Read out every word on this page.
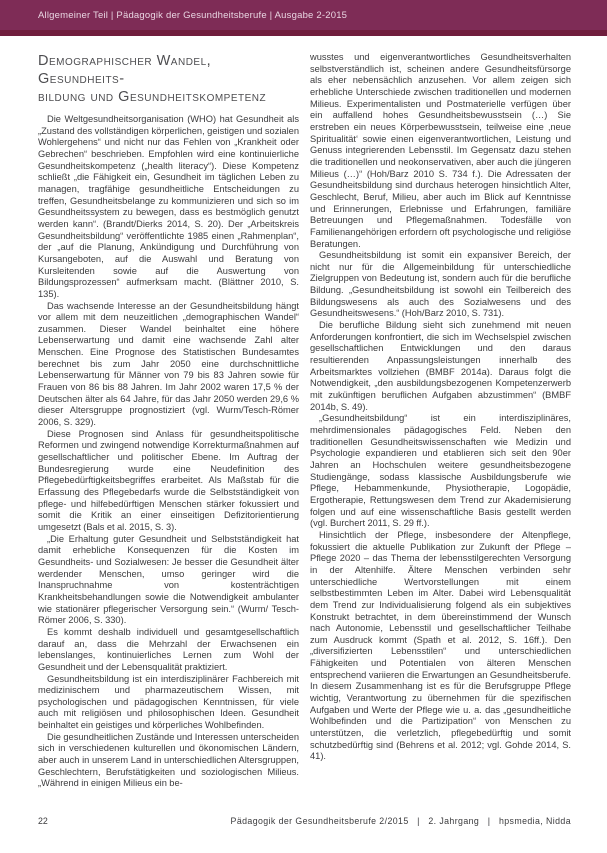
Allgemeiner Teil | Pädagogik der Gesundheitsberufe | Ausgabe 2-2015
Demographischer Wandel, Gesundheits-
bildung und Gesundheitskompetenz

Die Weltgesundheitsorganisation (WHO) hat Gesundheit als „Zustand des vollständigen körperlichen, geistigen und sozialen Wohlergehens“ und nicht nur das Fehlen von „Krankheit oder Gebrechen“ beschrieben. Empfohlen wird eine kontinuierliche Gesundheitskompetenz („health literacy“). Diese Kompetenz schließt „die Fähigkeit ein, Gesundheit im täglichen Leben zu managen, tragfähige gesundheitliche Entscheidungen zu treffen, Gesundheitsbelange zu kommunizieren und sich so im Gesundheitssystem zu bewegen, dass es bestmöglich genutzt werden kann“. (Brandt/Dierks 2014, S. 20). Der „Arbeitskreis Gesundheitsbildung“ veröffentlichte 1985 einen „Rahmenplan“, der „auf die Planung, Ankündigung und Durchführung von Kursangeboten, auf die Auswahl und Beratung von Kursleitenden sowie auf die Auswertung von Bildungsprozessen“ aufmerksam macht. (Blättner 2010, S. 135).

Das wachsende Interesse an der Gesundheitsbildung hängt vor allem mit dem neuzeitlichen „demographischen Wandel“ zusammen. Dieser Wandel beinhaltet eine höhere Lebenserwartung und damit eine wachsende Zahl alter Menschen. Eine Prognose des Statistischen Bundesamtes berechnet bis zum Jahr 2050 eine durchschnittliche Lebenserwartung für Männer von 79 bis 83 Jahren sowie für Frauen von 86 bis 88 Jahren. Im Jahr 2002 waren 17,5 % der Deutschen älter als 64 Jahre, für das Jahr 2050 werden 29,6 % dieser Altersgruppe prognostiziert (vgl. Wurm/Tesch-Römer 2006, S. 329).

Diese Prognosen sind Anlass für gesundheitspolitische Reformen und zwingend notwendige Korrekturmaßnahmen auf gesellschaftlicher und politischer Ebene. Im Auftrag der Bundesregierung wurde eine Neudefinition des Pflegebedürftigkeitsbegriffes erarbeitet. Als Maßstab für die Erfassung des Pflegebedarfs wurde die Selbstständigkeit von pflege- und hilfebedürftigen Menschen stärker fokussiert und somit die Kritik an einer einseitigen Defizitorientierung umgesetzt (Bals et al. 2015, S. 3).

„Die Erhaltung guter Gesundheit und Selbstständigkeit hat damit erhebliche Konsequenzen für die Kosten im Gesundheits- und Sozialwesen: Je besser die Gesundheit älter werdender Menschen, umso geringer wird die Inanspruchnahme von kostenträchtigen Krankheitsbehandlungen sowie die Notwendigkeit ambulanter wie stationärer pflegerischer Versorgung sein.“ (Wurm/ Tesch-Römer 2006, S. 330).

Es kommt deshalb individuell und gesamtgesellschaftlich darauf an, dass die Mehrzahl der Erwachsenen ein lebenslanges, kontinuierliches Lernen zum Wohl der Gesundheit und der Lebensqualität praktiziert.

Gesundheitsbildung ist ein interdisziplinärer Fachbereich mit medizinischem und pharmazeutischem Wissen, mit psychologischen und pädagogischen Kenntnissen, für viele auch mit religiösen und philosophischen Ideen. Gesundheit beinhaltet ein geistiges und körperliches Wohlbefinden.

Die gesundheitlichen Zustände und Interessen unterscheiden sich in verschiedenen kulturellen und ökonomischen Ländern, aber auch in unserem Land in unterschiedlichen Altersgruppen, Geschlechtern, Berufstätigkeiten und soziologischen Milieus. „Während in einigen Milieus ein be-

wusstes und eigenverantwortliches Gesundheitsverhalten selbstverständlich ist, scheinen andere Gesundheitsfürsorge als eher nebensächlich anzusehen. Vor allem zeigen sich erhebliche Unterschiede zwischen traditionellen und modernen Milieus. Experimentalisten und Postmaterielle verfügen über ein auffallend hohes Gesundheitsbewusstsein (…) Sie erstreben ein neues Körperbewusstsein, teilweise eine ‚neue Spiritualität‘ sowie einen eigenverantwortlichen, Leistung und Genuss integrierenden Lebensstil. Im Gegensatz dazu stehen die traditionellen und neokonservativen, aber auch die jüngeren Milieus (…)“ (Hoh/Barz 2010 S. 734 f.). Die Adressaten der Gesundheitsbildung sind durchaus heterogen hinsichtlich Alter, Geschlecht, Beruf, Milieu, aber auch im Blick auf Kenntnisse und Erinnerungen, Erlebnisse und Erfahrungen, familiäre Betreuungen und Pflegemaßnahmen. Todesfälle von Familienangehörigen erfordern oft psychologische und religiöse Beratungen.

Gesundheitsbildung ist somit ein expansiver Bereich, der nicht nur für die Allgemeinbildung für unterschiedliche Zielgruppen von Bedeutung ist, sondern auch für die berufliche Bildung. „Gesundheitsbildung ist sowohl ein Teilbereich des Bildungswesens als auch des Sozialwesens und des Gesundheitswesens.“ (Hoh/Barz 2010, S. 731).

Die berufliche Bildung sieht sich zunehmend mit neuen Anforderungen konfrontiert, die sich im Wechselspiel zwischen gesellschaftlichen Entwicklungen und den daraus resultierenden Anpassungsleistungen innerhalb des Arbeitsmarktes vollziehen (BMBF 2014a). Daraus folgt die Notwendigkeit, „den ausbildungsbezogenen Kompetenzerwerb mit zukünftigen beruflichen Aufgaben abzustimmen“ (BMBF 2014b, S. 49).

„Gesundheitsbildung“ ist ein interdisziplinäres, mehrdimensionales pädagogisches Feld. Neben den traditionellen Gesundheitswissenschaften wie Medizin und Psychologie expandieren und etablieren sich seit den 90er Jahren an Hochschulen weitere gesundheitsbezogene Studiengänge, sodass klassische Ausbildungsberufe wie Pflege, Hebammenkunde, Physiotherapie, Logopädie, Ergotherapie, Rettungswesen dem Trend zur Akademisierung folgen und auf eine wissenschaftliche Basis gestellt werden (vgl. Burchert 2011, S. 29 ff.).

Hinsichtlich der Pflege, insbesondere der Altenpflege, fokussiert die aktuelle Publikation zur Zukunft der Pflege – Pflege 2020 – das Thema der lebensstilgerechten Versorgung in der Altenhilfe. Ältere Menschen verbinden sehr unterschiedliche Wertvorstellungen mit einem selbstbestimmten Leben im Alter. Dabei wird Lebensqualität dem Trend zur Individualisierung folgend als ein subjektives Konstrukt betrachtet, in dem übereinstimmend der Wunsch nach Autonomie, Lebensstil und gesellschaftlicher Teilhabe zum Ausdruck kommt (Spath et al. 2012, S. 16ff.). Den „diversifizierten Lebensstilen“ und unterschiedlichen Fähigkeiten und Potentialen von älteren Menschen entsprechend variieren die Erwartungen an Gesundheitsberufe. In diesem Zusammenhang ist es für die Berufsgruppe Pflege wichtig, Verantwortung zu übernehmen für die spezifischen Aufgaben und Werte der Pflege wie u. a. das „gesundheitliche Wohlbefinden und die Partizipation“ von Menschen zu unterstützen, die verletzlich, pflegebedürftig und somit schutzbedürftig sind (Behrens et al. 2012; vgl. Gohde 2014, S. 41).

22	Pädagogik der Gesundheitsberufe 2/2015   |   2. Jahrgang   |   hpsmedia, Nidda
